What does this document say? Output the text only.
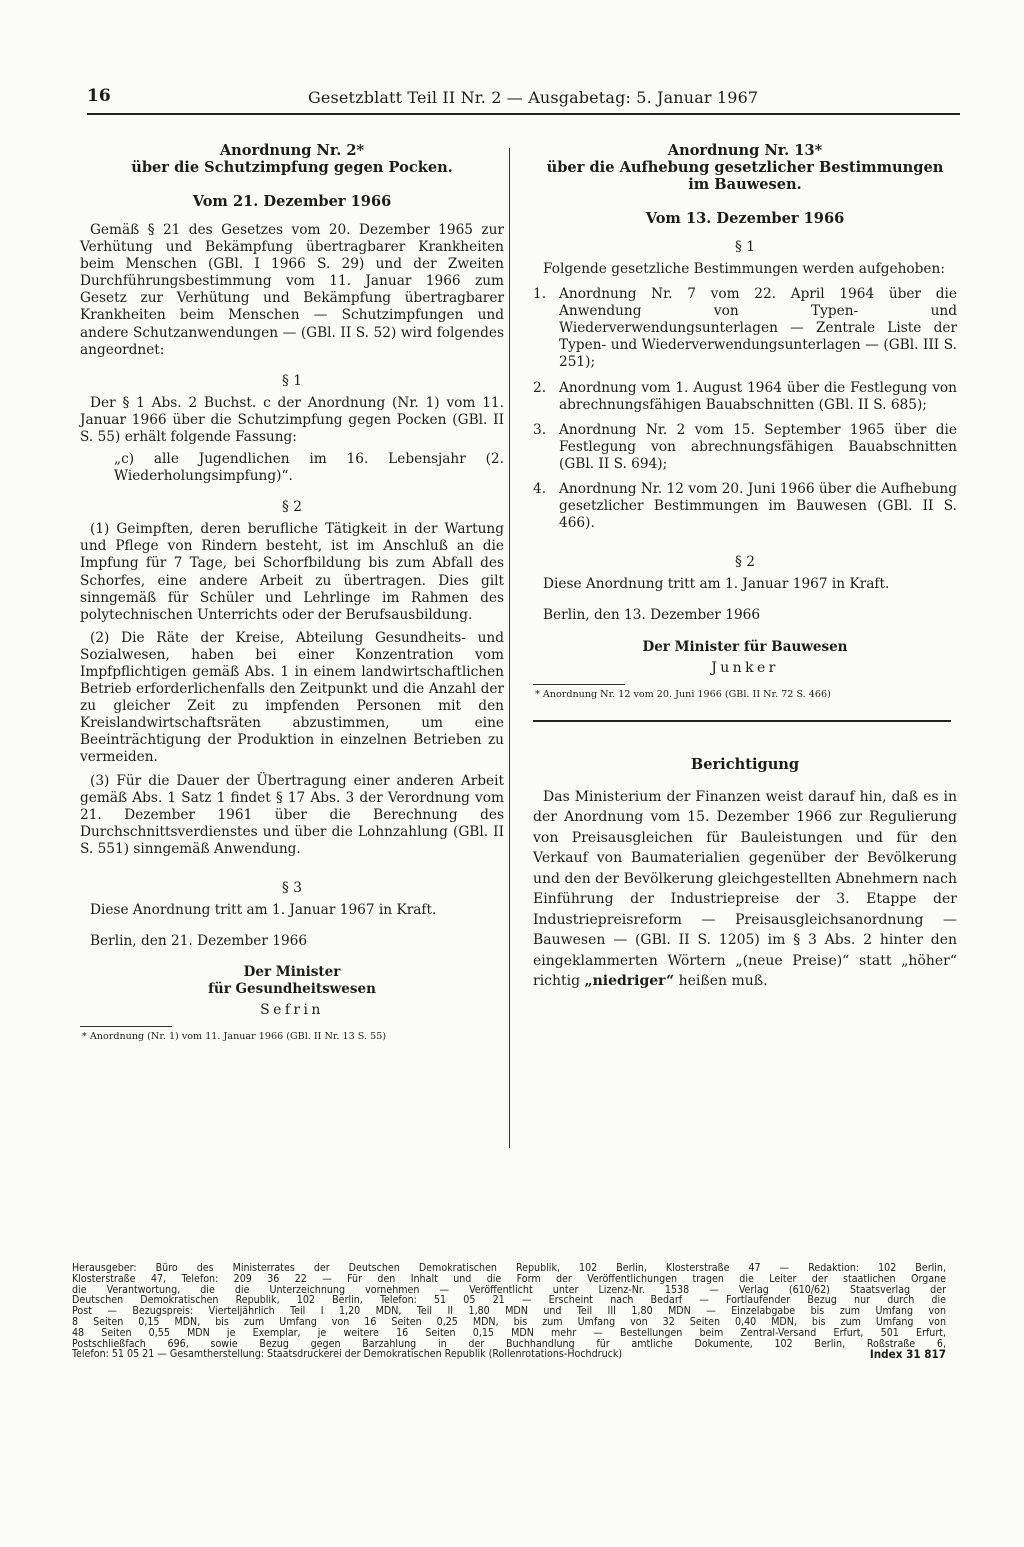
16	Gesetzblatt Teil II Nr. 2 — Ausgabetag: 5. Januar 1967
Anordnung Nr. 2*
über die Schutzimpfung gegen Pocken.
Vom 21. Dezember 1966

Gemäß § 21 des Gesetzes vom 20. Dezember 1965 zur Verhütung und Bekämpfung übertragbarer Krankheiten beim Menschen (GBl. I 1966 S. 29) und der Zweiten Durchführungsbestimmung vom 11. Januar 1966 zum Gesetz zur Verhütung und Bekämpfung übertragbarer Krankheiten beim Menschen — Schutzimpfungen und andere Schutzanwendungen — (GBl. II S. 52) wird folgendes angeordnet:

§ 1

Der § 1 Abs. 2 Buchst. c der Anordnung (Nr. 1) vom 11. Januar 1966 über die Schutzimpfung gegen Pocken (GBl. II S. 55) erhält folgende Fassung:

„c) alle Jugendlichen im 16. Lebensjahr (2. Wiederholungsimpfung)“.

§ 2

(1) Geimpften, deren berufliche Tätigkeit in der Wartung und Pflege von Rindern besteht, ist im Anschluß an die Impfung für 7 Tage, bei Schorfbildung bis zum Abfall des Schorfes, eine andere Arbeit zu übertragen. Dies gilt sinngemäß für Schüler und Lehrlinge im Rahmen des polytechnischen Unterrichts oder der Berufsausbildung.

(2) Die Räte der Kreise, Abteilung Gesundheits- und Sozialwesen, haben bei einer Konzentration vom Impfpflichtigen gemäß Abs. 1 in einem landwirtschaftlichen Betrieb erforderlichenfalls den Zeitpunkt und die Anzahl der zu gleicher Zeit zu impfenden Personen mit den Kreislandwirtschaftsräten abzustimmen, um eine Beeinträchtigung der Produktion in einzelnen Betrieben zu vermeiden.

(3) Für die Dauer der Übertragung einer anderen Arbeit gemäß Abs. 1 Satz 1 findet § 17 Abs. 3 der Verordnung vom 21. Dezember 1961 über die Berechnung des Durchschnittsverdienstes und über die Lohnzahlung (GBl. II S. 551) sinngemäß Anwendung.

§ 3

Diese Anordnung tritt am 1. Januar 1967 in Kraft.

Berlin, den 21. Dezember 1966

Der Minister
für Gesundheitswesen
Sefrin
* Anordnung (Nr. 1) vom 11. Januar 1966 (GBl. II Nr. 13 S. 55)
Anordnung Nr. 13*
über die Aufhebung gesetzlicher Bestimmungen
im Bauwesen.
Vom 13. Dezember 1966
§ 1

Folgende gesetzliche Bestimmungen werden aufgehoben:

1. Anordnung Nr. 7 vom 22. April 1964 über die Anwendung von Typen- und Wiederverwendungsunterlagen — Zentrale Liste der Typen- und Wiederverwendungsunterlagen — (GBl. III S. 251);

2. Anordnung vom 1. August 1964 über die Festlegung von abrechnungsfähigen Bauabschnitten (GBl. II S. 685);

3. Anordnung Nr. 2 vom 15. September 1965 über die Festlegung von abrechnungsfähigen Bauabschnitten (GBl. II S. 694);

4. Anordnung Nr. 12 vom 20. Juni 1966 über die Aufhebung gesetzlicher Bestimmungen im Bauwesen (GBl. II S. 466).

§ 2

Diese Anordnung tritt am 1. Januar 1967 in Kraft.

Berlin, den 13. Dezember 1966

Der Minister für Bauwesen
Junker
* Anordnung Nr. 12 vom 20. Juni 1966 (GBl. II Nr. 72 S. 466)
Berichtigung

Das Ministerium der Finanzen weist darauf hin, daß es in der Anordnung vom 15. Dezember 1966 zur Regulierung von Preisausgleichen für Bauleistungen und für den Verkauf von Baumaterialien gegenüber der Bevölkerung und den der Bevölkerung gleichgestellten Abnehmern nach Einführung der Industriepreise der 3. Etappe der Industriepreisreform — Preisausgleichsanordnung — Bauwesen — (GBl. II S. 1205) im § 3 Abs. 2 hinter den eingeklammerten Wörtern „(neue Preise)“ statt „höher“ richtig „niedriger“ heißen muß.

Herausgeber: Büro des Ministerrates der Deutschen Demokratischen Republik, 102 Berlin, Klosterstraße 47 — Redaktion: 102 Berlin,
Klosterstraße 47, Telefon: 209 36 22 — Für den Inhalt und die Form der Veröffentlichungen tragen die Leiter der staatlichen Organe
die Verantwortung, die die Unterzeichnung vornehmen — Veröffentlicht unter Lizenz-Nr. 1538 — Verlag (610/62) Staatsverlag der
Deutschen Demokratischen Republik, 102 Berlin, Telefon: 51 05 21 — Erscheint nach Bedarf — Fortlaufender Bezug nur durch die
Post — Bezugspreis: Vierteljährlich Teil I 1,20 MDN, Teil II 1,80 MDN und Teil III 1,80 MDN — Einzelabgabe bis zum Umfang von
8 Seiten 0,15 MDN, bis zum Umfang von 16 Seiten 0,25 MDN, bis zum Umfang von 32 Seiten 0,40 MDN, bis zum Umfang von
48 Seiten 0,55 MDN je Exemplar, je weitere 16 Seiten 0,15 MDN mehr — Bestellungen beim Zentral-Versand Erfurt, 501 Erfurt,
Postschließfach 696, sowie Bezug gegen Barzahlung in der Buchhandlung für amtliche Dokumente, 102 Berlin, Roßstraße 6,
Telefon: 51 05 21 — Gesamtherstellung: Staatsdruckerei der Demokratischen Republik (Rollenrotations-Hochdruck)	Index 31 817
